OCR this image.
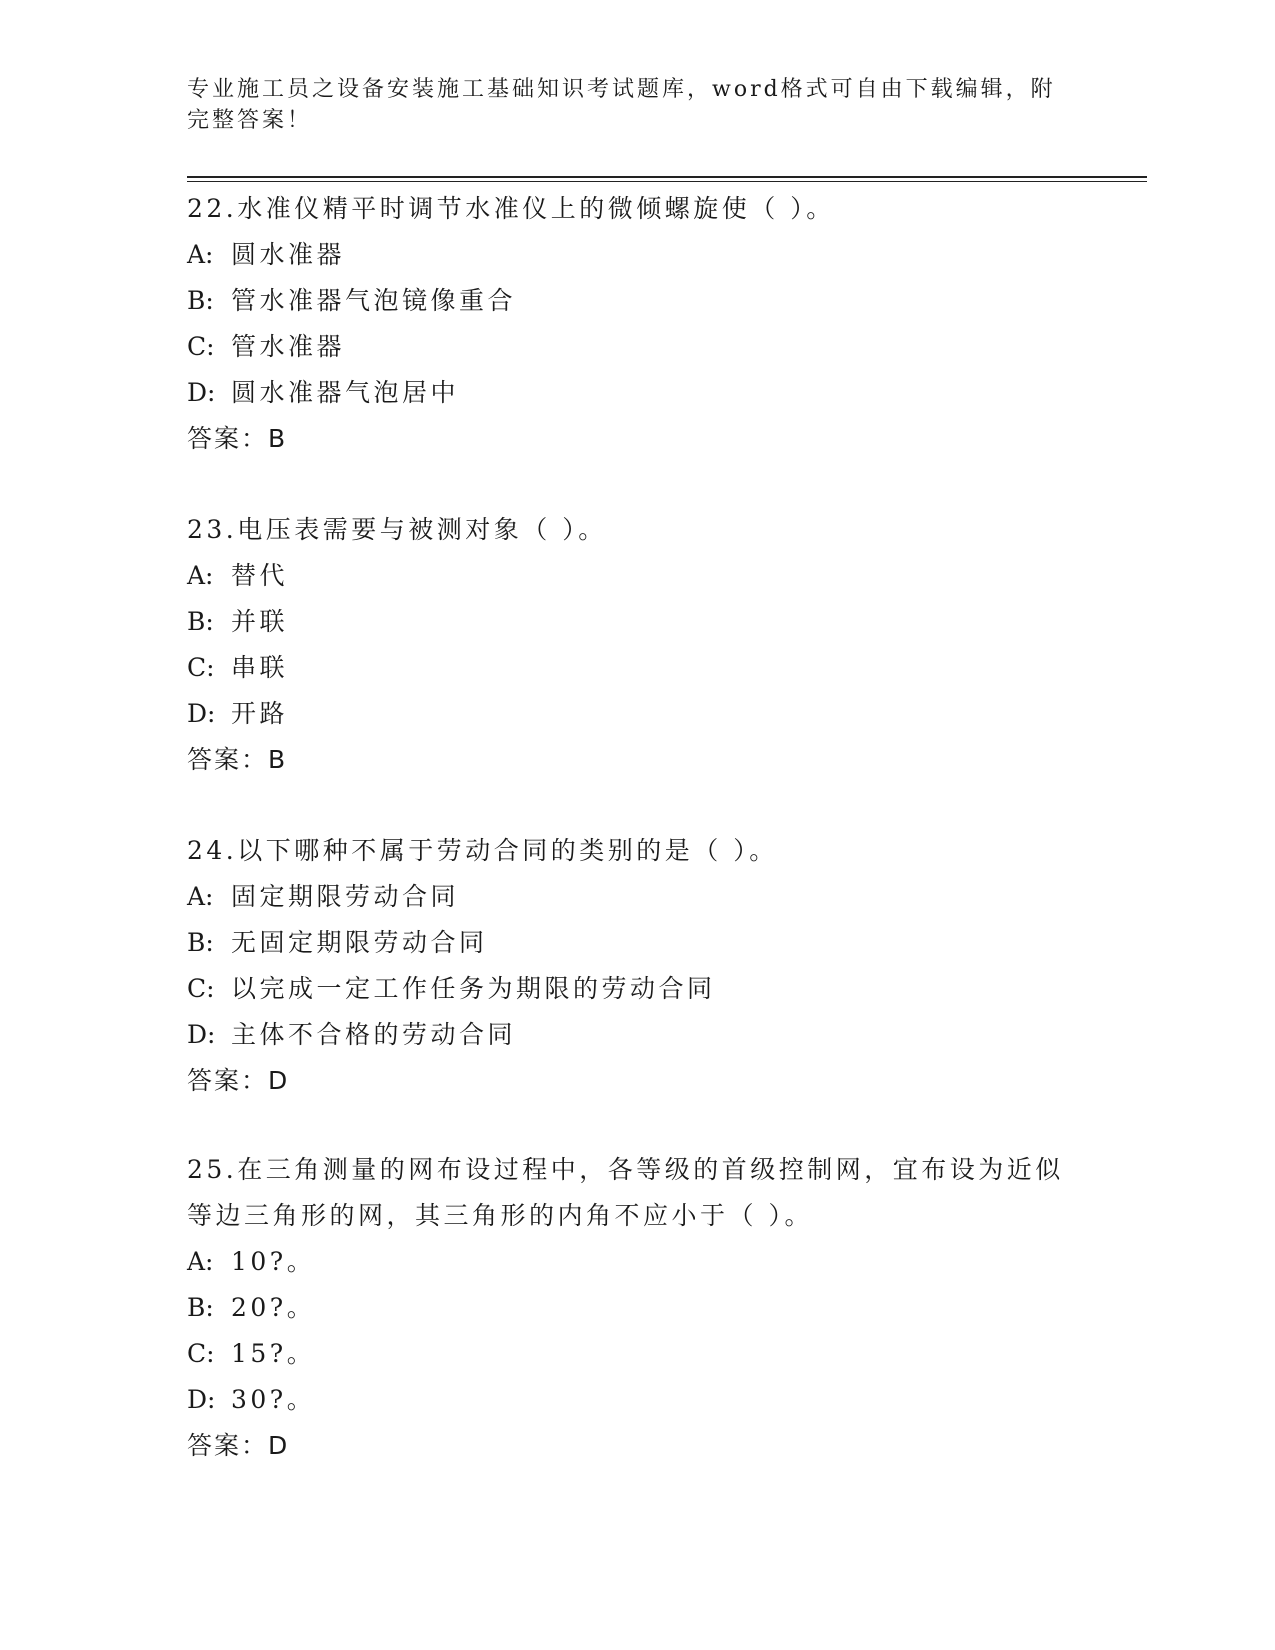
专业施工员之设备安装施工基础知识考试题库，word格式可自由下载编辑，附完整答案！

22.水准仪精平时调节水准仪上的微倾螺旋使（ ）。

A: 圆水准器

B: 管水准器气泡镜像重合

C: 管水准器

D: 圆水准器气泡居中

答案：B

23.电压表需要与被测对象（ ）。

A: 替代

B: 并联

C: 串联

D: 开路

答案：B

24.以下哪种不属于劳动合同的类别的是（ ）。

A: 固定期限劳动合同

B: 无固定期限劳动合同

C: 以完成一定工作任务为期限的劳动合同

D: 主体不合格的劳动合同

答案：D

25.在三角测量的网布设过程中，各等级的首级控制网，宜布设为近似等边三角形的网，其三角形的内角不应小于（ ）。

A: 10?。

B: 20?。

C: 15?。

D: 30?。

答案：D
